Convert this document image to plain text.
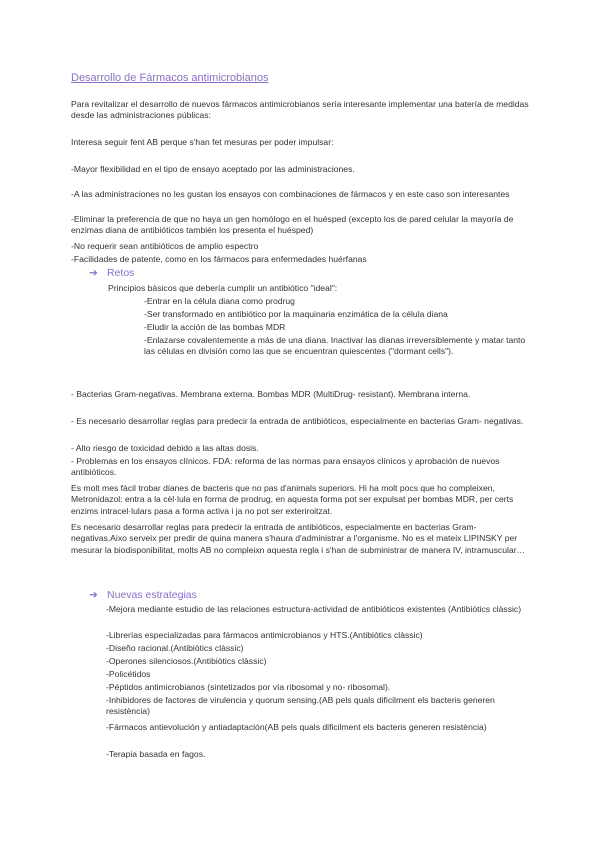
Desarrollo de Fármacos antimicrobianos

Para revitalizar el desarrollo de nuevos fármacos antimicrobianos sería interesante implementar una batería de medidas desde las administraciones públicas:

Interesa seguir fent AB perque s'han fet mesuras per poder impulsar:

-Mayor flexibilidad en el tipo de ensayo aceptado por las administraciones.

-A las administraciones no les gustan los ensayos con combinaciones de fármacos y en este caso son interesantes

-Eliminar la preferencia de que no haya un gen homólogo en el huésped (excepto los de pared celular la mayoría de enzimas diana de antibióticos también los presenta el huésped)

-No requerir sean antibióticos de amplio espectro

-Facilidades de patente, como en los fármacos para enfermedades huérfanas

➔ Retos

Principios básicos que debería cumplir un antibiótico "ideal":

-Entrar en la célula diana como prodrug

-Ser transformado en antibiótico por la maquinaria enzimática de la célula diana

-Eludir la acción de las bombas MDR

-Enlazarse covalentemente a más de una diana. Inactivar las dianas irreversiblemente y matar tanto las células en división como las que se encuentran quiescentes ("dormant cells").

- Bacterias Gram-negativas. Membrana externa. Bombas MDR (MultiDrug- resistant). Membrana interna.

- Es necesario desarrollar reglas para predecir la entrada de antibióticos, especialmente en bacterias Gram- negativas.

- Alto riesgo de toxicidad debido a las altas dosis.

- Problemas en los ensayos clínicos. FDA: reforma de las normas para ensayos clínicos y aprobación de nuevos antibióticos.

Es molt mes fàcil trobar dianes de bacteris que no pas d'animals superiors. Hi ha molt pocs que ho compleixen, Metronidazol: entra a la cèl·lula en forma de prodrug, en aquesta forma pot ser expulsat per bombas MDR, per certs enzims intracel·lulars pasa a forma activa i ja no pot ser exteriroitzat.

Es necesario desarrollar reglas para predecir la entrada de antibióticos, especialmente en bacterias Gram- negativas.Aixo serveix per predir de quina manera s'haura d'administrar a l'organisme. No es el mateix LIPINSKY per mesurar la biodisponibilitat, molts AB no compleixn aquesta regla i s'han de subministrar de manera IV, intramuscular…

➔ Nuevas estrategias

-Mejora mediante estudio de las relaciones estructura-actividad de antibióticos existentes (Antibiòtics clàssic)

-Librerías especializadas para fármacos antimicrobianos y HTS.(Antibiòtics clàssic)

-Diseño racional.(Antibiòtics clàssic)

-Operones silenciosos.(Antibiòtics clàssic)

-Policétidos

-Péptidos antimicrobianos (sintetizados por vía ribosomal y no- ribosomal).

-Inhibidores de factores de virulencia y quorum sensing.(AB pels quals dificilment els bacteris generen resistència)

-Fármacos antievolución y antiadaptación(AB pels quals dificilment els bacteris generen resistència)

-Terapia basada en fagos.
